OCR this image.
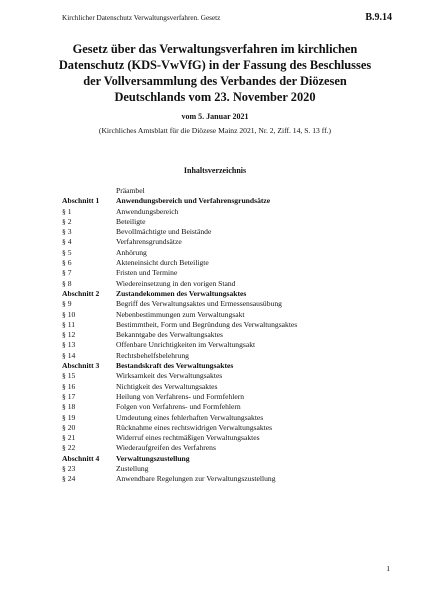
Kirchlicher Datenschutz Verwaltungsverfahren. Gesetz	B.9.14
Gesetz über das Verwaltungsverfahren im kirchlichen Datenschutz (KDS-VwVfG) in der Fassung des Beschlusses der Vollversammlung des Verbandes der Diözesen Deutschlands vom 23. November 2020
vom 5. Januar 2021
(Kirchliches Amtsblatt für die Diözese Mainz 2021, Nr. 2, Ziff. 14, S. 13 ff.)
Inhaltsverzeichnis
Präambel
Abschnitt 1	Anwendungsbereich und Verfahrensgrundsätze
§ 1	Anwendungsbereich
§ 2	Beteiligte
§ 3	Bevollmächtigte und Beistände
§ 4	Verfahrensgrundsätze
§ 5	Anhörung
§ 6	Akteneinsicht durch Beteiligte
§ 7	Fristen und Termine
§ 8	Wiedereinsetzung in den vorigen Stand
Abschnitt 2	Zustandekommen des Verwaltungsaktes
§ 9	Begriff des Verwaltungsaktes und Ermessensausübung
§ 10	Nebenbestimmungen zum Verwaltungsakt
§ 11	Bestimmtheit, Form und Begründung des Verwaltungsaktes
§ 12	Bekanntgabe des Verwaltungsaktes
§ 13	Offenbare Unrichtigkeiten im Verwaltungsakt
§ 14	Rechtsbehelfsbelehrung
Abschnitt 3	Bestandskraft des Verwaltungsaktes
§ 15	Wirksamkeit des Verwaltungsaktes
§ 16	Nichtigkeit des Verwaltungsaktes
§ 17	Heilung von Verfahrens- und Formfehlern
§ 18	Folgen von Verfahrens- und Formfehlern
§ 19	Umdeutung eines fehlerhaften Verwaltungsaktes
§ 20	Rücknahme eines rechtswidrigen Verwaltungsaktes
§ 21	Widerruf eines rechtmäßigen Verwaltungsaktes
§ 22	Wiederaufgreifen des Verfahrens
Abschnitt 4	Verwaltungszustellung
§ 23	Zustellung
§ 24	Anwendbare Regelungen zur Verwaltungszustellung
1
